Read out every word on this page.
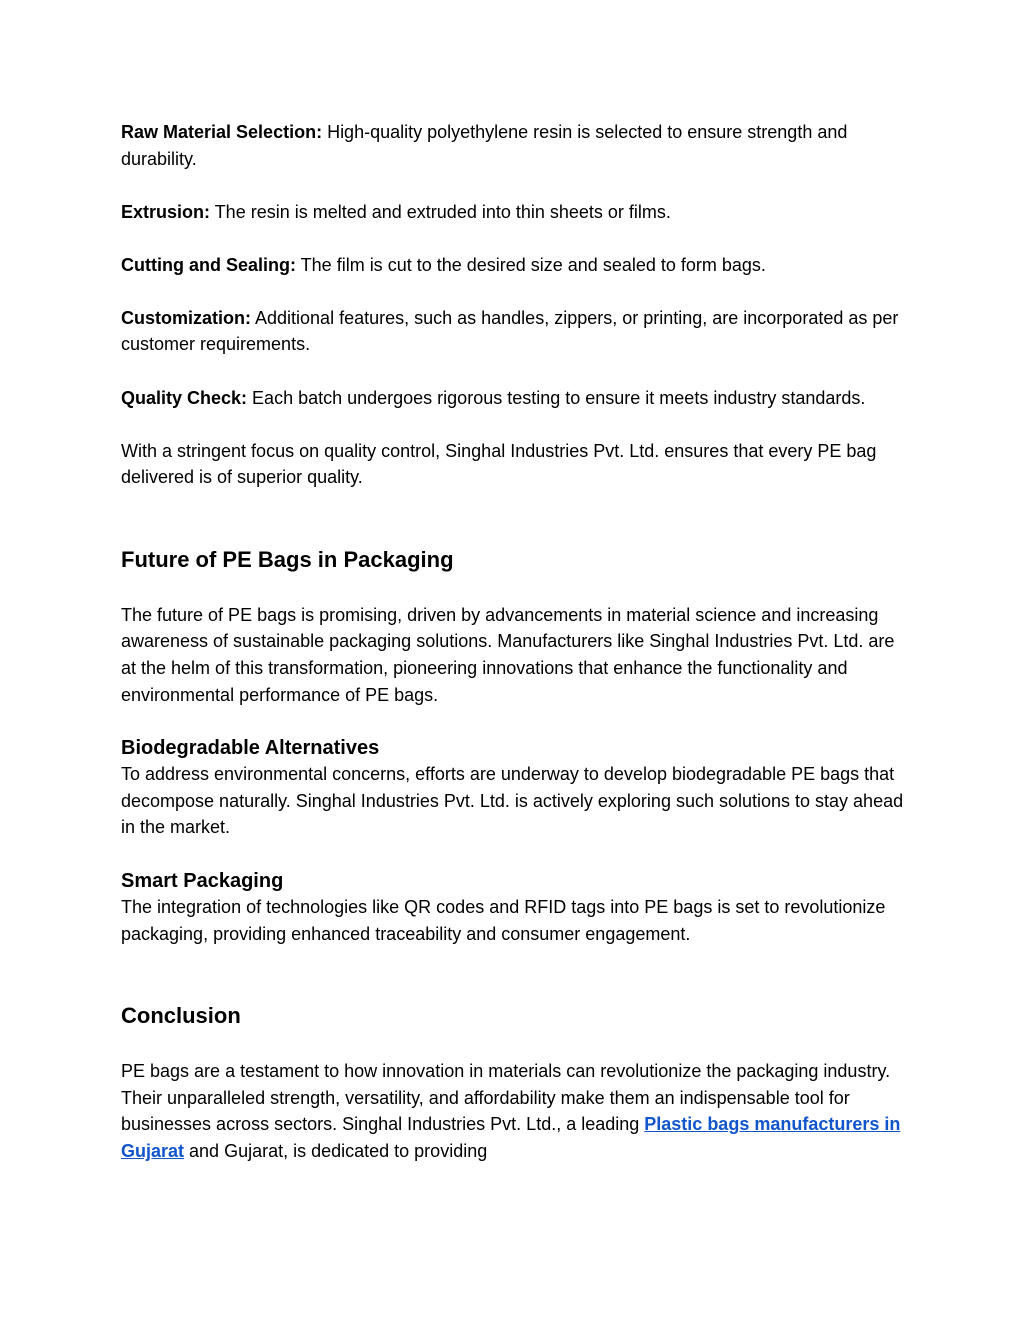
Raw Material Selection: High-quality polyethylene resin is selected to ensure strength and durability.

Extrusion: The resin is melted and extruded into thin sheets or films.

Cutting and Sealing: The film is cut to the desired size and sealed to form bags.

Customization: Additional features, such as handles, zippers, or printing, are incorporated as per customer requirements.

Quality Check: Each batch undergoes rigorous testing to ensure it meets industry standards.

With a stringent focus on quality control, Singhal Industries Pvt. Ltd. ensures that every PE bag delivered is of superior quality.

Future of PE Bags in Packaging

The future of PE bags is promising, driven by advancements in material science and increasing awareness of sustainable packaging solutions. Manufacturers like Singhal Industries Pvt. Ltd. are at the helm of this transformation, pioneering innovations that enhance the functionality and environmental performance of PE bags.

Biodegradable Alternatives

To address environmental concerns, efforts are underway to develop biodegradable PE bags that decompose naturally. Singhal Industries Pvt. Ltd. is actively exploring such solutions to stay ahead in the market.

Smart Packaging

The integration of technologies like QR codes and RFID tags into PE bags is set to revolutionize packaging, providing enhanced traceability and consumer engagement.

Conclusion

PE bags are a testament to how innovation in materials can revolutionize the packaging industry. Their unparalleled strength, versatility, and affordability make them an indispensable tool for businesses across sectors. Singhal Industries Pvt. Ltd., a leading Plastic bags manufacturers in Gujarat and Gujarat, is dedicated to providing
